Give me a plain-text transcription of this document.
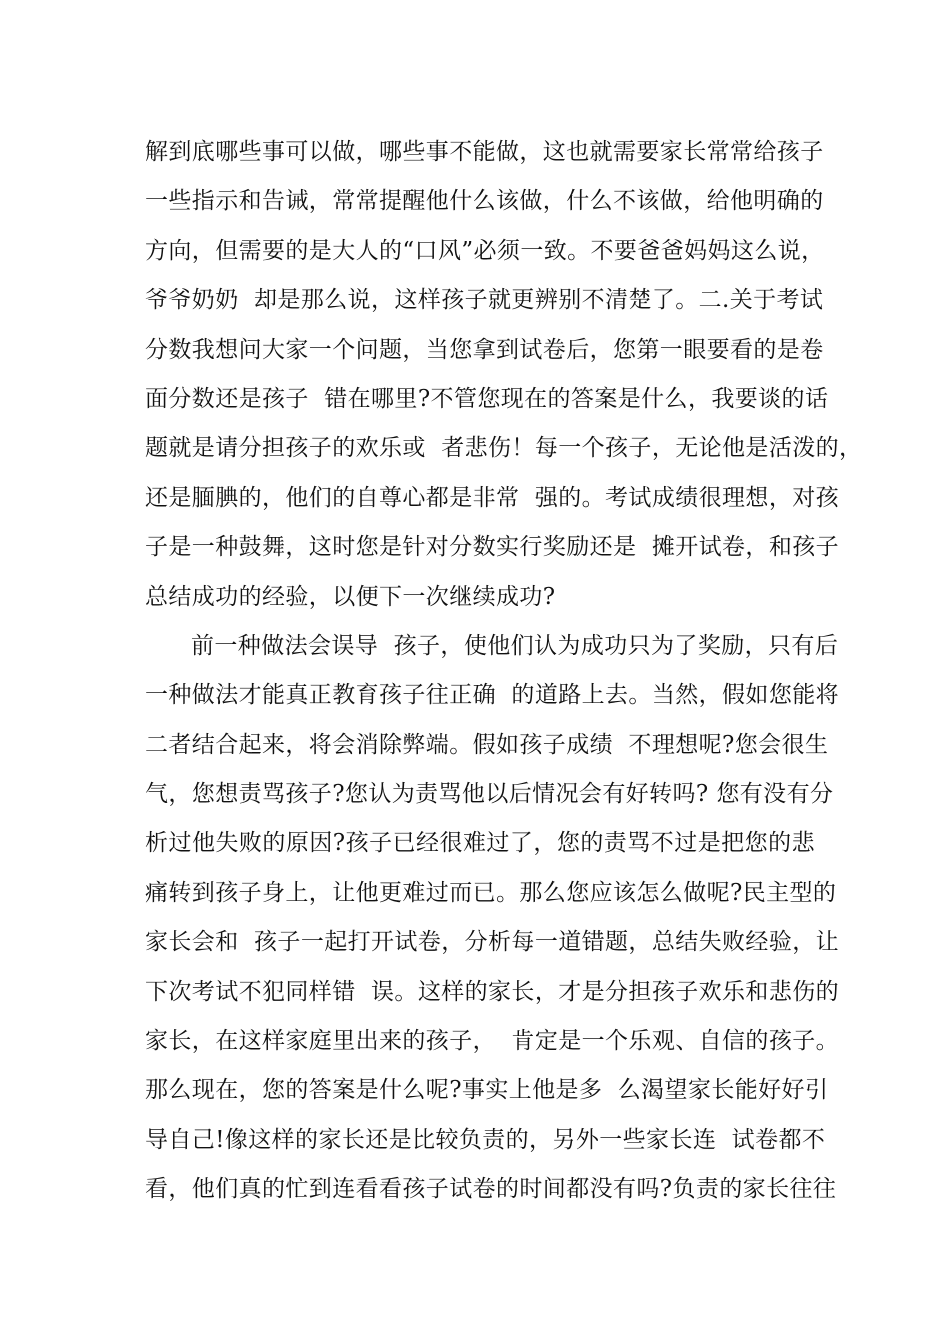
解到底哪些事可以做，哪些事不能做，这也就需要家长常常给孩子
一些指示和告诫，常常提醒他什么该做，什么不该做，给他明确的
方向，但需要的是大人的“口风”必须一致。不要爸爸妈妈这么说，
爷爷奶奶  却是那么说，这样孩子就更辨别不清楚了。二.关于考试
分数我想问大家一个问题，当您拿到试卷后，您第一眼要看的是卷
面分数还是孩子  错在哪里?不管您现在的答案是什么，我要谈的话
题就是请分担孩子的欢乐或  者悲伤！每一个孩子，无论他是活泼的，
还是腼腆的，他们的自尊心都是非常  强的。考试成绩很理想，对孩
子是一种鼓舞，这时您是针对分数实行奖励还是  摊开试卷，和孩子
总结成功的经验，以便下一次继续成功?
前一种做法会误导  孩子，使他们认为成功只为了奖励，只有后
一种做法才能真正教育孩子往正确  的道路上去。当然，假如您能将
二者结合起来，将会消除弊端。假如孩子成绩  不理想呢?您会很生
气，您想责骂孩子?您认为责骂他以后情况会有好转吗? 您有没有分
析过他失败的原因?孩子已经很难过了，您的责骂不过是把您的悲
痛转到孩子身上，让他更难过而已。那么您应该怎么做呢?民主型的
家长会和  孩子一起打开试卷，分析每一道错题，总结失败经验，让
下次考试不犯同样错  误。这样的家长，才是分担孩子欢乐和悲伤的
家长，在这样家庭里出来的孩子，  肯定是一个乐观、自信的孩子。
那么现在，您的答案是什么呢?事实上他是多  么渴望家长能好好引
导自己!像这样的家长还是比较负责的，另外一些家长连  试卷都不
看，他们真的忙到连看看孩子试卷的时间都没有吗?负责的家长往往
